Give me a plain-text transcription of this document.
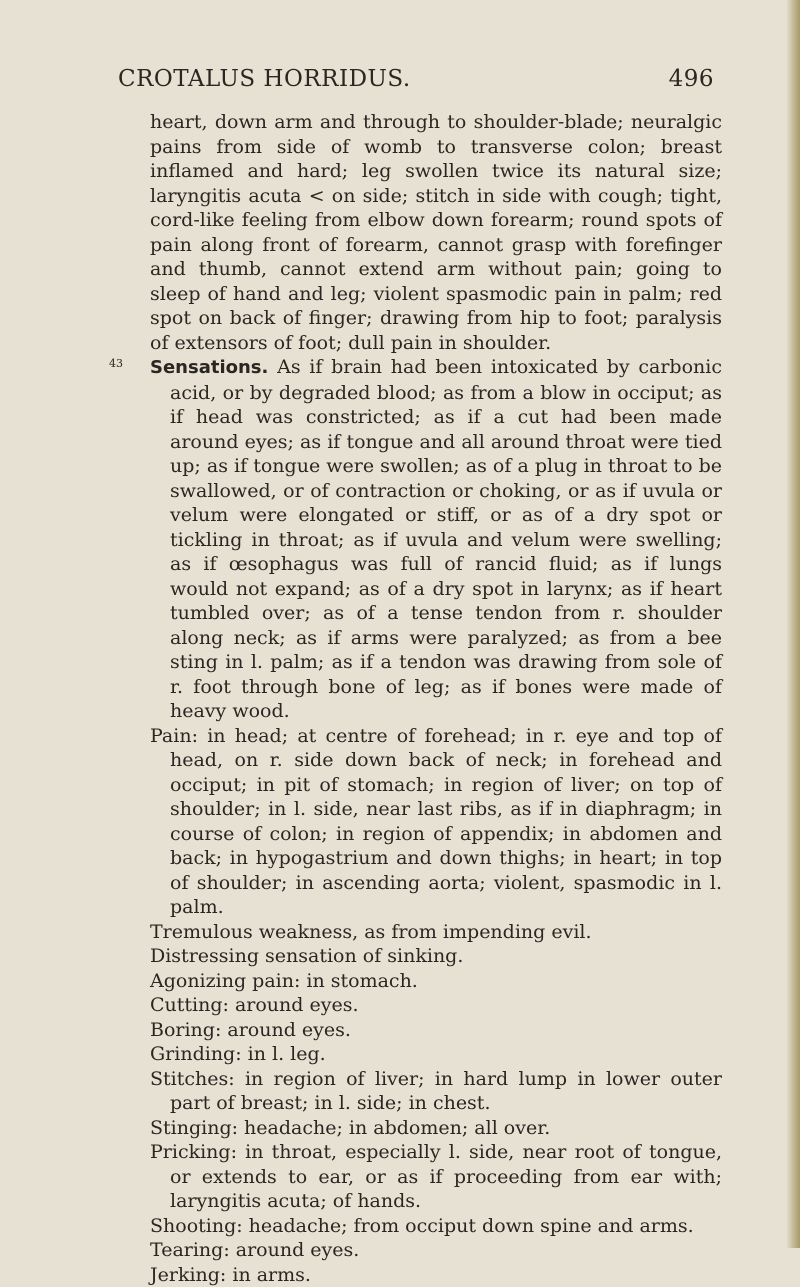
CROTALUS HORRIDUS.	496

heart, down arm and through to shoulder-blade; neuralgic pains from side of womb to transverse colon; breast inflamed and hard; leg swollen twice its natural size; laryngitis acuta < on side; stitch in side with cough; tight, cord-like feeling from elbow down forearm; round spots of pain along front of forearm, cannot grasp with forefinger and thumb, cannot extend arm without pain; going to sleep of hand and leg; violent spasmodic pain in palm; red spot on back of finger; drawing from hip to foot; paralysis of extensors of foot; dull pain in shoulder.

43	Sensations. As if brain had been intoxicated by carbonic acid, or by degraded blood; as from a blow in occiput; as if head was constricted; as if a cut had been made around eyes; as if tongue and all around throat were tied up; as if tongue were swollen; as of a plug in throat to be swallowed, or of contraction or choking, or as if uvula or velum were elongated or stiff, or as of a dry spot or tickling in throat; as if uvula and velum were swelling; as if œsophagus was full of rancid fluid; as if lungs would not expand; as of a dry spot in larynx; as if heart tumbled over; as of a tense tendon from r. shoulder along neck; as if arms were paralyzed; as from a bee sting in l. palm; as if a tendon was drawing from sole of r. foot through bone of leg; as if bones were made of heavy wood.

Pain: in head; at centre of forehead; in r. eye and top of head, on r. side down back of neck; in forehead and occiput; in pit of stomach; in region of liver; on top of shoulder; in l. side, near last ribs, as if in diaphragm; in course of colon; in region of appendix; in abdomen and back; in hypogastrium and down thighs; in heart; in top of shoulder; in ascending aorta; violent, spasmodic in l. palm.

Tremulous weakness, as from impending evil.

Distressing sensation of sinking.

Agonizing pain: in stomach.

Cutting: around eyes.

Boring: around eyes.

Grinding: in l. leg.

Stitches: in region of liver; in hard lump in lower outer part of breast; in l. side; in chest.

Stinging: headache; in abdomen; all over.

Pricking: in throat, especially l. side, near root of tongue, or extends to ear, or as if proceeding from ear with; laryngitis acuta; of hands.

Shooting: headache; from occiput down spine and arms.

Tearing: around eyes.

Jerking: in arms.
